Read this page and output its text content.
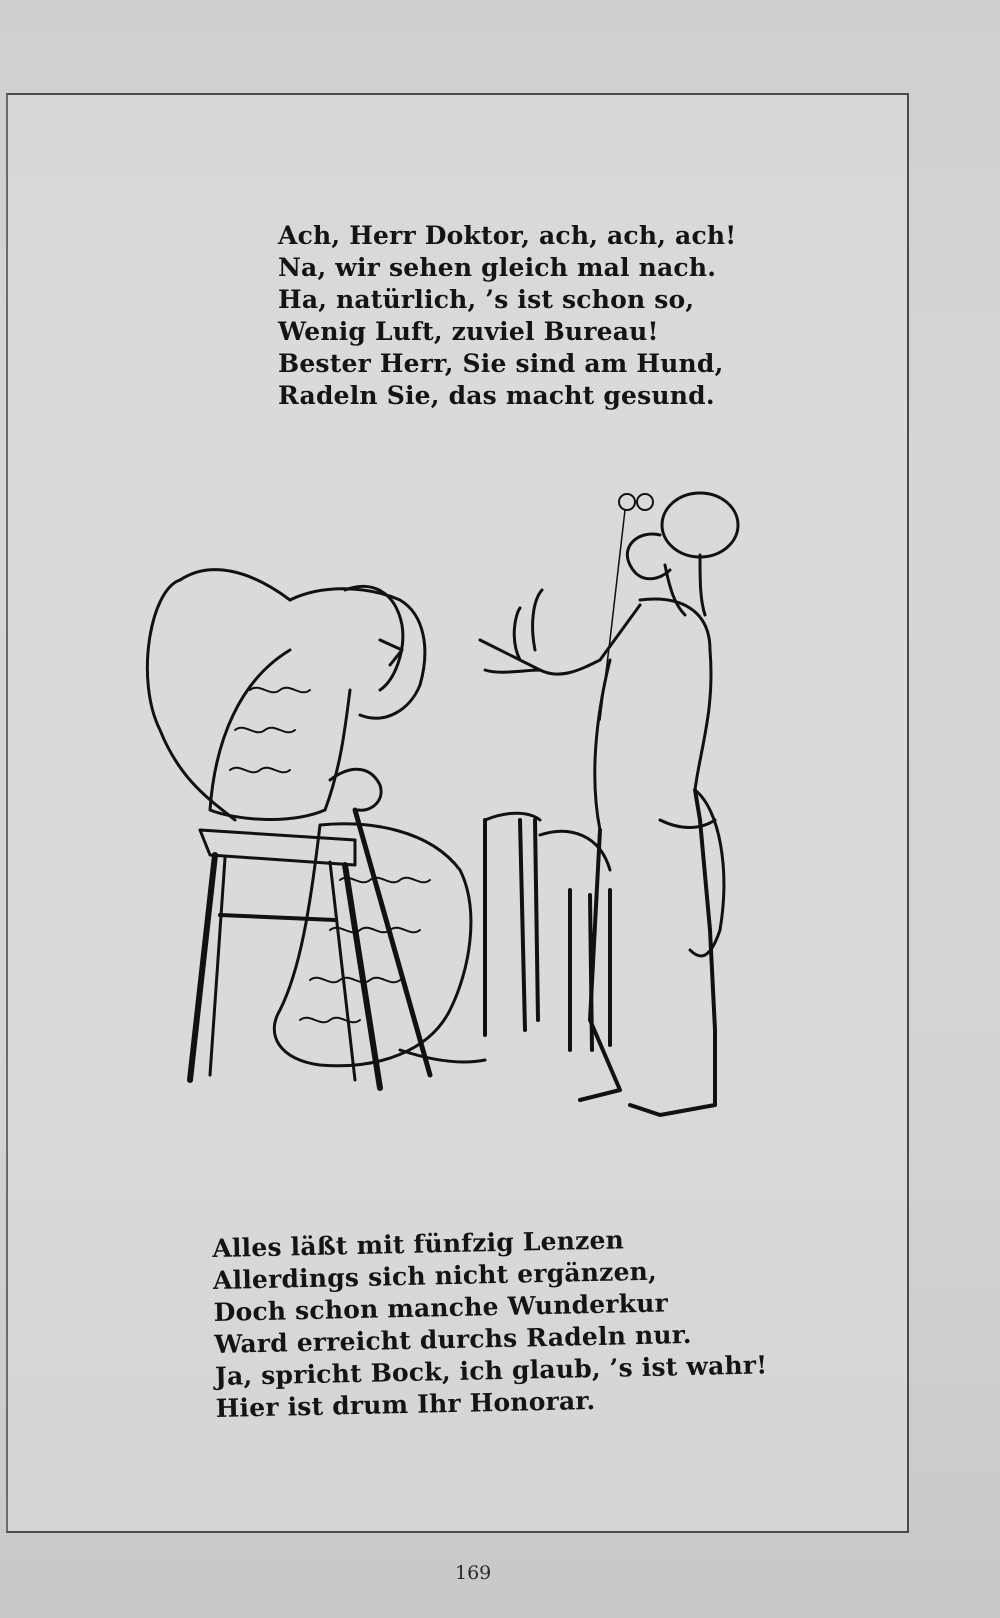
Ach, Herr Doktor, ach, ach, ach!
Na, wir sehen gleich mal nach.
Ha, natürlich, ’s ist schon so,
Wenig Luft, zuviel Bureau!
Bester Herr, Sie sind am Hund,
Radeln Sie, das macht gesund.
Alles läßt mit fünfzig Lenzen
Allerdings sich nicht ergänzen,
Doch schon manche Wunderkur
Ward erreicht durchs Radeln nur.
Ja, spricht Bock, ich glaub, ’s ist wahr!
Hier ist drum Ihr Honorar.
169
